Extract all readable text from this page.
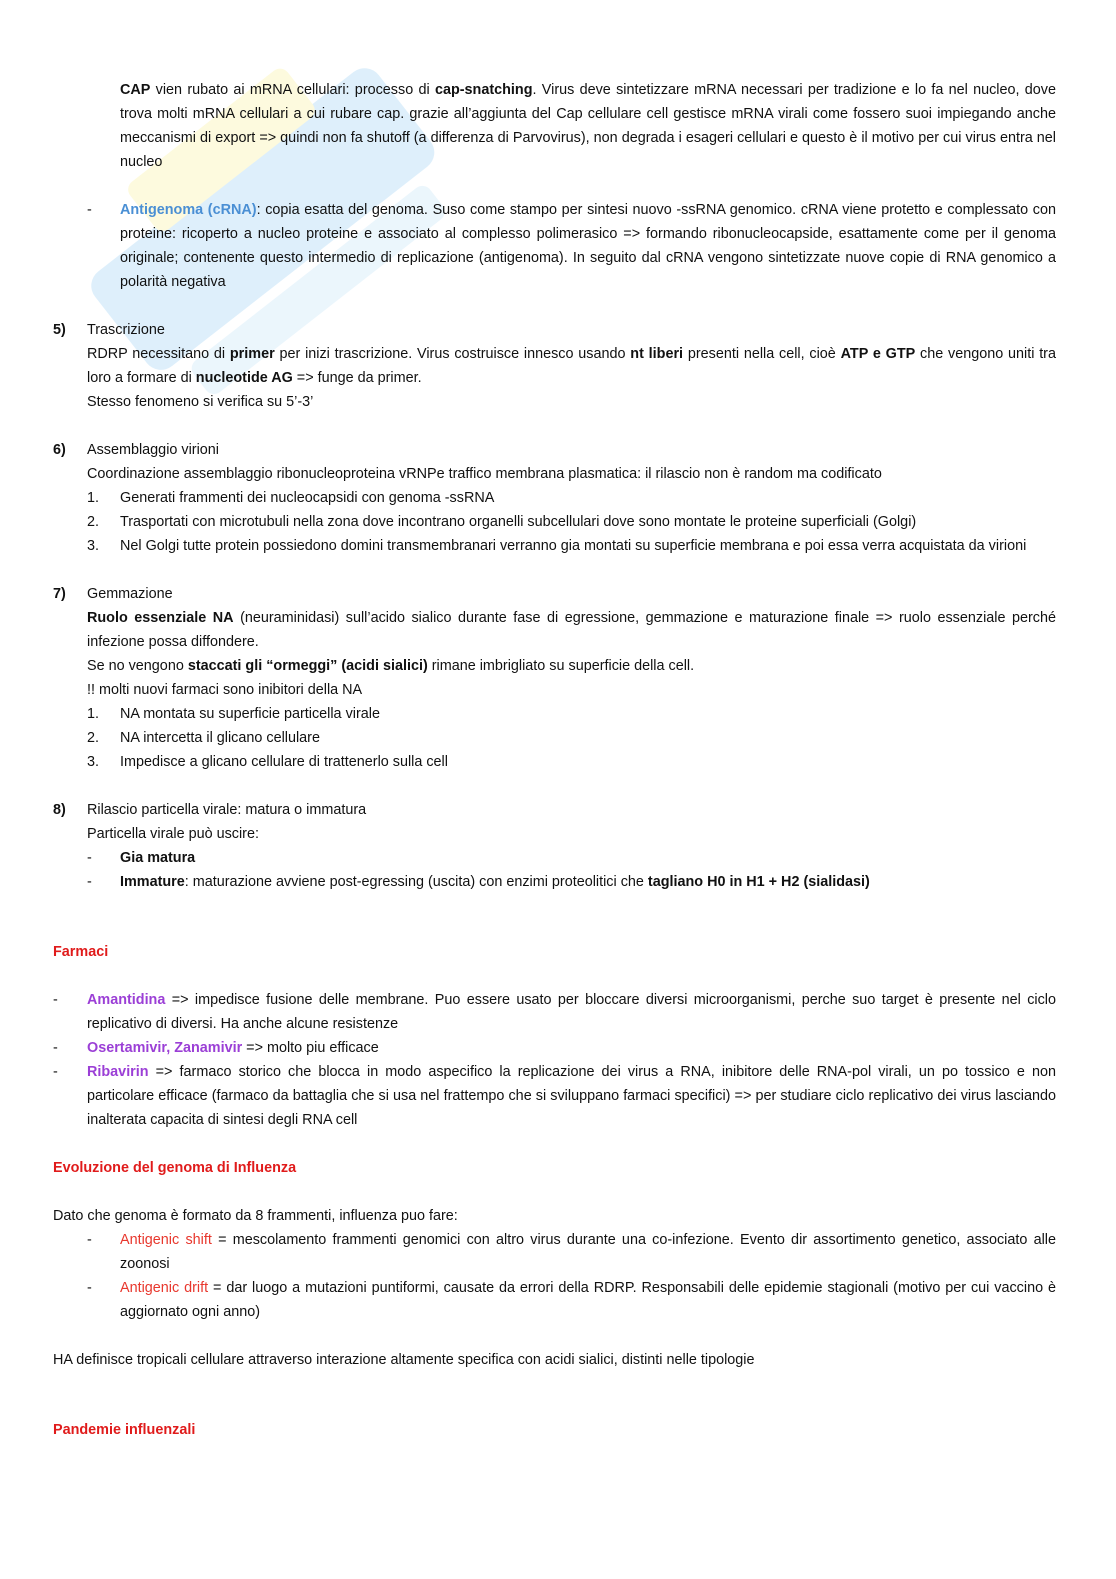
CAP vien rubato ai mRNA cellulari: processo di cap-snatching. Virus deve sintetizzare mRNA necessari per tradizione e lo fa nel nucleo, dove trova molti mRNA cellulari a cui rubare cap. grazie all’aggiunta del Cap cellulare cell gestisce mRNA virali come fossero suoi impiegando anche meccanismi di export => quindi non fa shutoff (a differenza di Parvovirus), non degrada i esageri cellulari e questo è il motivo per cui virus entra nel nucleo

- Antigenoma (cRNA): copia esatta del genoma. Suso come stampo per sintesi nuovo -ssRNA genomico. cRNA viene protetto e complessato con proteine: ricoperto a nucleo proteine e associato al complesso polimerasico => formando ribonucleocapside, esattamente come per il genoma originale; contenente questo intermedio di replicazione (antigenoma). In seguito dal cRNA vengono sintetizzate nuove copie di RNA genomico a polarità negativa
5) Trascrizione

RDRP necessitano di primer per inizi trascrizione. Virus costruisce innesco usando nt liberi presenti nella cell, cioè ATP e GTP che vengono uniti tra loro a formare di nucleotide AG => funge da primer.

Stesso fenomeno si verifica su 5’-3’

6) Assemblaggio virioni

Coordinazione assemblaggio ribonucleoproteina vRNPe traffico membrana plasmatica: il rilascio non è random ma codificato

1. Generati frammenti dei nucleocapsidi con genoma -ssRNA
2. Trasportati con microtubuli nella zona dove incontrano organelli subcellulari dove sono montate le proteine superficiali (Golgi)
3. Nel Golgi tutte protein possiedono domini transmembranari verranno gia montati su superficie membrana e poi essa verra acquistata da virioni
7) Gemmazione

Ruolo essenziale NA (neuraminidasi) sull’acido sialico durante fase di egressione, gemmazione e maturazione finale => ruolo essenziale perché infezione possa diffondere.

Se no vengono staccati gli “ormeggi” (acidi sialici) rimane imbrigliato su superficie della cell.

!! molti nuovi farmaci sono inibitori della NA

1. NA montata su superficie particella virale
2. NA intercetta il glicano cellulare
3. Impedisce a glicano cellulare di trattenerlo sulla cell
8) Rilascio particella virale: matura o immatura

Particella virale può uscire:

- Gia matura
- Immature: maturazione avviene post-egressing (uscita) con enzimi proteolitici che tagliano H0 in H1 + H2 (sialidasi)

Farmaci

- Amantidina => impedisce fusione delle membrane. Puo essere usato per bloccare diversi microorganismi, perche suo target è presente nel ciclo replicativo di diversi. Ha anche alcune resistenze
- Osertamivir, Zanamivir => molto piu efficace
- Ribavirin => farmaco storico che blocca in modo aspecifico la replicazione dei virus a RNA, inibitore delle RNA-pol virali, un po tossico e non particolare efficace (farmaco da battaglia che si usa nel frattempo che si sviluppano farmaci specifici) => per studiare ciclo replicativo dei virus lasciando inalterata capacita di sintesi degli RNA cell

Evoluzione del genoma di Influenza

Dato che genoma è formato da 8 frammenti, influenza puo fare:

- Antigenic shift = mescolamento frammenti genomici con altro virus durante una co-infezione. Evento dir assortimento genetico, associato alle zoonosi
- Antigenic drift = dar luogo a mutazioni puntiformi, causate da errori della RDRP. Responsabili delle epidemie stagionali (motivo per cui vaccino è aggiornato ogni anno)

HA definisce tropicali cellulare attraverso interazione altamente specifica con acidi sialici, distinti nelle tipologie

Pandemie influenzali
